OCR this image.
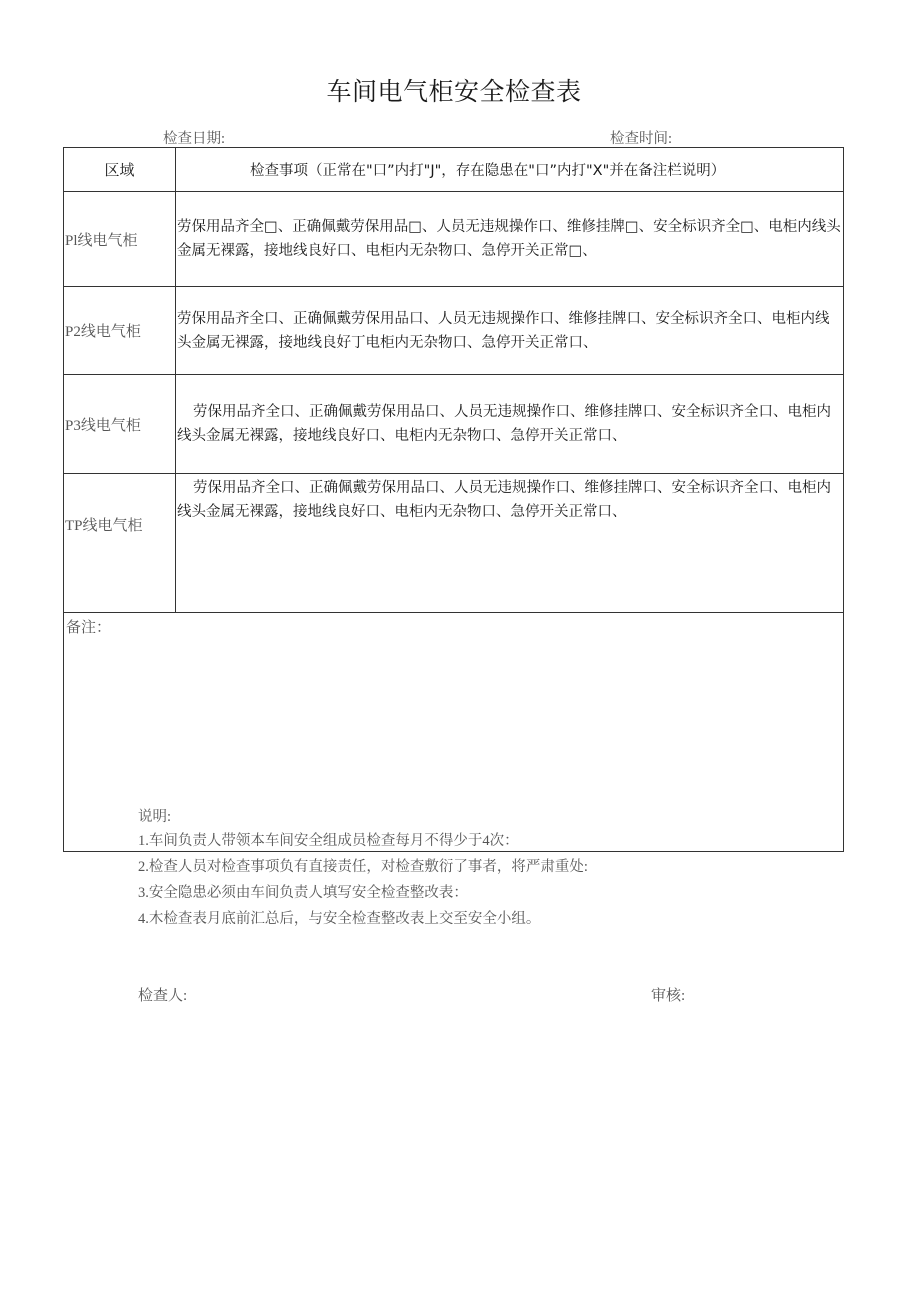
车间电气柜安全检查表
检查日期:	检查时间:
区域	检查事项（正常在"口”内打"J"，存在隐患在"口”内打"X"并在备注栏说明）
Pl线电气柜	劳保用品齐全□、正确佩戴劳保用品□、人员无违规操作口、维修挂牌□、安全标识齐全□、电柜内线头金属无裸露，接地线良好口、电柜内无杂物口、急停开关正常□、
P2线电气柜	劳保用品齐全口、正确佩戴劳保用品口、人员无违规操作口、维修挂牌口、安全标识齐全口、电柜内线头金属无裸露，接地线良好丁电柜内无杂物口、急停开关正常口、
P3线电气柜	劳保用品齐全口、正确佩戴劳保用品口、人员无违规操作口、维修挂牌口、安全标识齐全口、电柜内线头金属无裸露，接地线良好口、电柜内无杂物口、急停开关正常口、
TP线电气柜	劳保用品齐全口、正确佩戴劳保用品口、人员无违规操作口、维修挂牌口、安全标识齐全口、电柜内线头金属无裸露，接地线良好口、电柜内无杂物口、急停开关正常口、
备注：	
说明:
1.车间负责人带领本车间安全组成员检查每月不得少于4次：
2.检查人员对检查事项负有直接责任，对检查敷衍了事者，将严肃重处:
3.安全隐患必须由车间负责人填写安全检查整改表：
4.木检查表月底前汇总后，与安全检查整改表上交至安全小组。
检查人:	审核:
